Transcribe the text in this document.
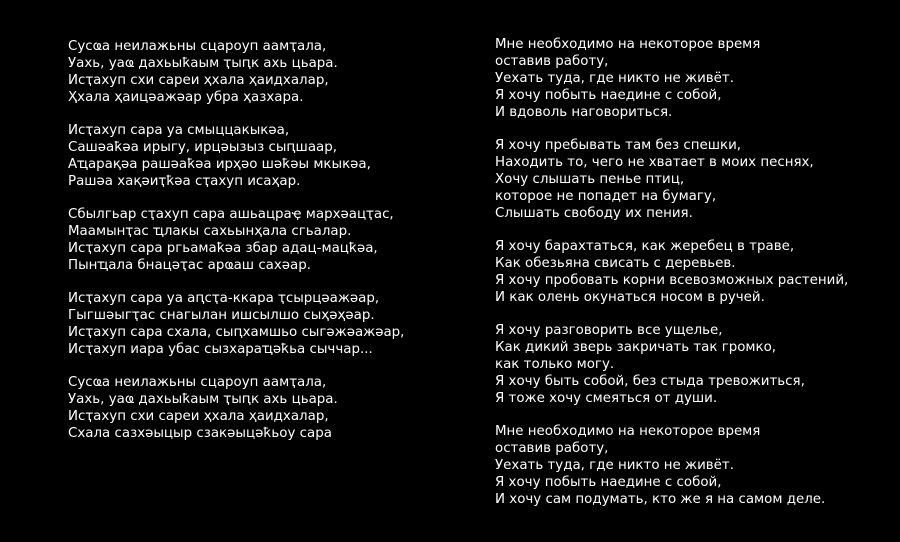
Сусҩа неилажьны сцароуп аамҭала,
Уахь, уаҩ дахьыҟаым ҭыԥк ахь цьара.
Исҭахуп схи сареи ҳхала ҳаидхалар,
Ҳхала ҳаицәажәар убра ҳазхара.
Исҭахуп сара уа смыццакыкәа,
Сашәаҟәа ирыгу, ирцәызыз сыԥшаар,
Аҵарақәа рашәаҟәа ирҳәо шәҟәы мкыкәа,
Рашәа хақәиҭҟәа сҭахуп исаҳар.
Сбылгьар сҭахуп сара ашьацраҿ мархәацҭас,
Маамынҭас ҵлакы сахьынҳала сгьалар.
Исҭахуп сара ргьамаҟәа збар адац-мацҟәа,
Пынҵала бнацәҭас арҩаш сахәар.
Исҭахуп сара уа аԥсҭа-ккара ҭсырцәажәар,
Гыгшәыгҭас снагылан ишсылшо сыҳәҳәар.
Исҭахуп сара схала, сыԥхамшьо сыгәжәажәар,
Исҭахуп иара убас сызхараҵәҟьа сычча​р...
Сусҩа неилажьны сцароуп аамҭала,
Уахь, уаҩ дахьыҟаым ҭыԥк ахь цьара.
Исҭахуп схи сареи ҳхала ҳаидхалар,
Схала сазхәыцыр сзакәыцәҟьоу сара
Мне необходимо на некоторое время
оставив работу,
Уехать туда, где никто не живёт.
Я хочу побыть наедине с собой,
И вдоволь наговориться.
Я хочу пребывать там без спешки,
Находить то, чего не хватает в моих песнях,
Хочу слышать пенье птиц,
которое не попадет на бумагу,
Слышать свободу их пения.
Я хочу барахтаться, как жеребец в траве,
Как обезьяна свисать с деревьев.
Я хочу пробовать корни всевозможных растений,
И как олень окунаться носом в ручей.
Я хочу разговорить все ущелье,
Как дикий зверь закричать так громко,
как только могу.
Я хочу быть собой, без стыда тревожиться,
Я тоже хочу смеяться от души.
Мне необходимо на некоторое время
оставив работу,
Уехать туда, где никто не живёт.
Я хочу побыть наедине с собой,
И хочу сам подумать, кто же я на самом деле.
